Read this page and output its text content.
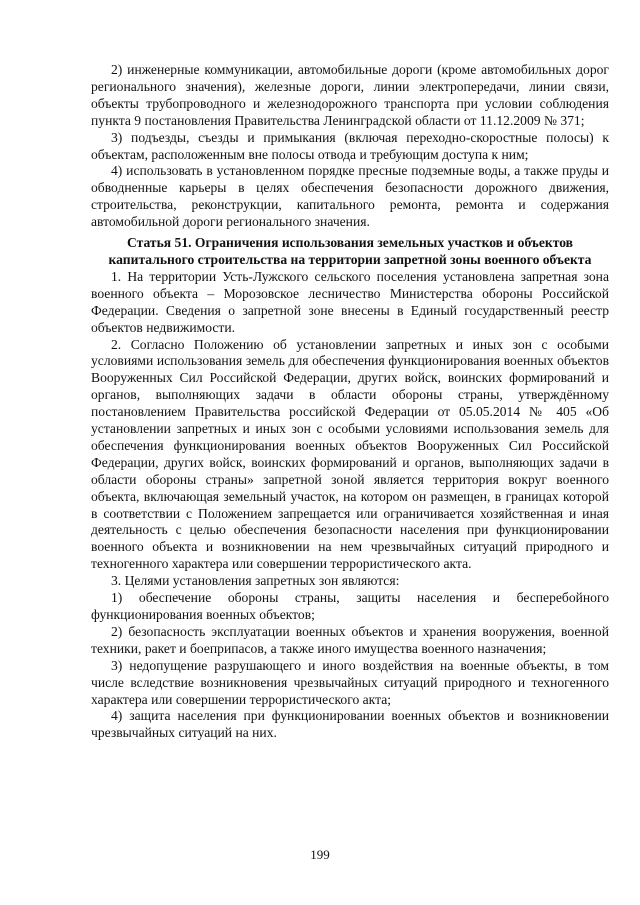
2) инженерные коммуникации, автомобильные дороги (кроме автомобильных дорог регионального значения), железные дороги, линии электропередачи, линии связи, объекты трубопроводного и железнодорожного транспорта при условии соблюдения пункта 9 постановления Правительства Ленинградской области от 11.12.2009 № 371;

3) подъезды, съезды и примыкания (включая переходно-скоростные полосы) к объектам, расположенным вне полосы отвода и требующим доступа к ним;

4) использовать в установленном порядке пресные подземные воды, а также пруды и обводненные карьеры в целях обеспечения безопасности дорожного движения, строительства, реконструкции, капитального ремонта, ремонта и содержания автомобильной дороги регионального значения.

Статья 51. Ограничения использования земельных участков и объектов капитального строительства на территории запретной зоны военного объекта

1. На территории Усть-Лужского сельского поселения установлена запретная зона военного объекта – Морозовское лесничество Министерства обороны Российской Федерации. Сведения о запретной зоне внесены в Единый государственный реестр объектов недвижимости.

2. Согласно Положению об установлении запретных и иных зон с особыми условиями использования земель для обеспечения функционирования военных объектов Вооруженных Сил Российской Федерации, других войск, воинских формирований и органов, выполняющих задачи в области обороны страны, утверждённому постановлением Правительства российской Федерации от 05.05.2014 № 405 «Об установлении запретных и иных зон с особыми условиями использования земель для обеспечения функционирования военных объектов Вооруженных Сил Российской Федерации, других войск, воинских формирований и органов, выполняющих задачи в области обороны страны» запретной зоной является территория вокруг военного объекта, включающая земельный участок, на котором он размещен, в границах которой в соответствии с Положением запрещается или ограничивается хозяйственная и иная деятельность с целью обеспечения безопасности населения при функционировании военного объекта и возникновении на нем чрезвычайных ситуаций природного и техногенного характера или совершении террористического акта.

3. Целями установления запретных зон являются:

1) обеспечение обороны страны, защиты населения и бесперебойного функционирования военных объектов;

2) безопасность эксплуатации военных объектов и хранения вооружения, военной техники, ракет и боеприпасов, а также иного имущества военного назначения;

3) недопущение разрушающего и иного воздействия на военные объекты, в том числе вследствие возникновения чрезвычайных ситуаций природного и техногенного характера или совершении террористического акта;

4) защита населения при функционировании военных объектов и возникновении чрезвычайных ситуаций на них.

199
